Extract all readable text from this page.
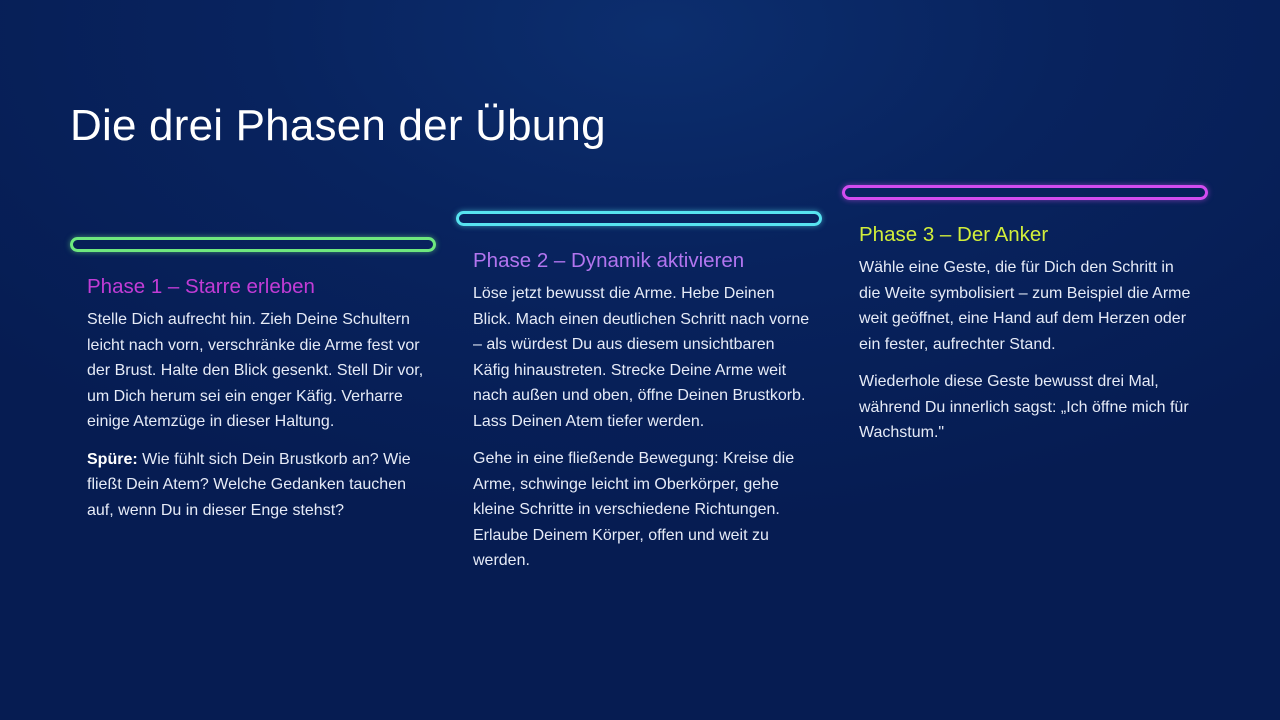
Die drei Phasen der Übung
Phase 1 – Starre erleben

Stelle Dich aufrecht hin. Zieh Deine Schultern leicht nach vorn, verschränke die Arme fest vor der Brust. Halte den Blick gesenkt. Stell Dir vor, um Dich herum sei ein enger Käfig. Verharre einige Atemzüge in dieser Haltung.

Spüre: Wie fühlt sich Dein Brustkorb an? Wie fließt Dein Atem? Welche Gedanken tauchen auf, wenn Du in dieser Enge stehst?

Phase 2 – Dynamik aktivieren

Löse jetzt bewusst die Arme. Hebe Deinen Blick. Mach einen deutlichen Schritt nach vorne – als würdest Du aus diesem unsichtbaren Käfig hinaustreten. Strecke Deine Arme weit nach außen und oben, öffne Deinen Brustkorb. Lass Deinen Atem tiefer werden.

Gehe in eine fließende Bewegung: Kreise die Arme, schwinge leicht im Oberkörper, gehe kleine Schritte in verschiedene Richtungen. Erlaube Deinem Körper, offen und weit zu werden.

Phase 3 – Der Anker

Wähle eine Geste, die für Dich den Schritt in die Weite symbolisiert – zum Beispiel die Arme weit geöffnet, eine Hand auf dem Herzen oder ein fester, aufrechter Stand.

Wiederhole diese Geste bewusst drei Mal, während Du innerlich sagst: „Ich öffne mich für Wachstum."
